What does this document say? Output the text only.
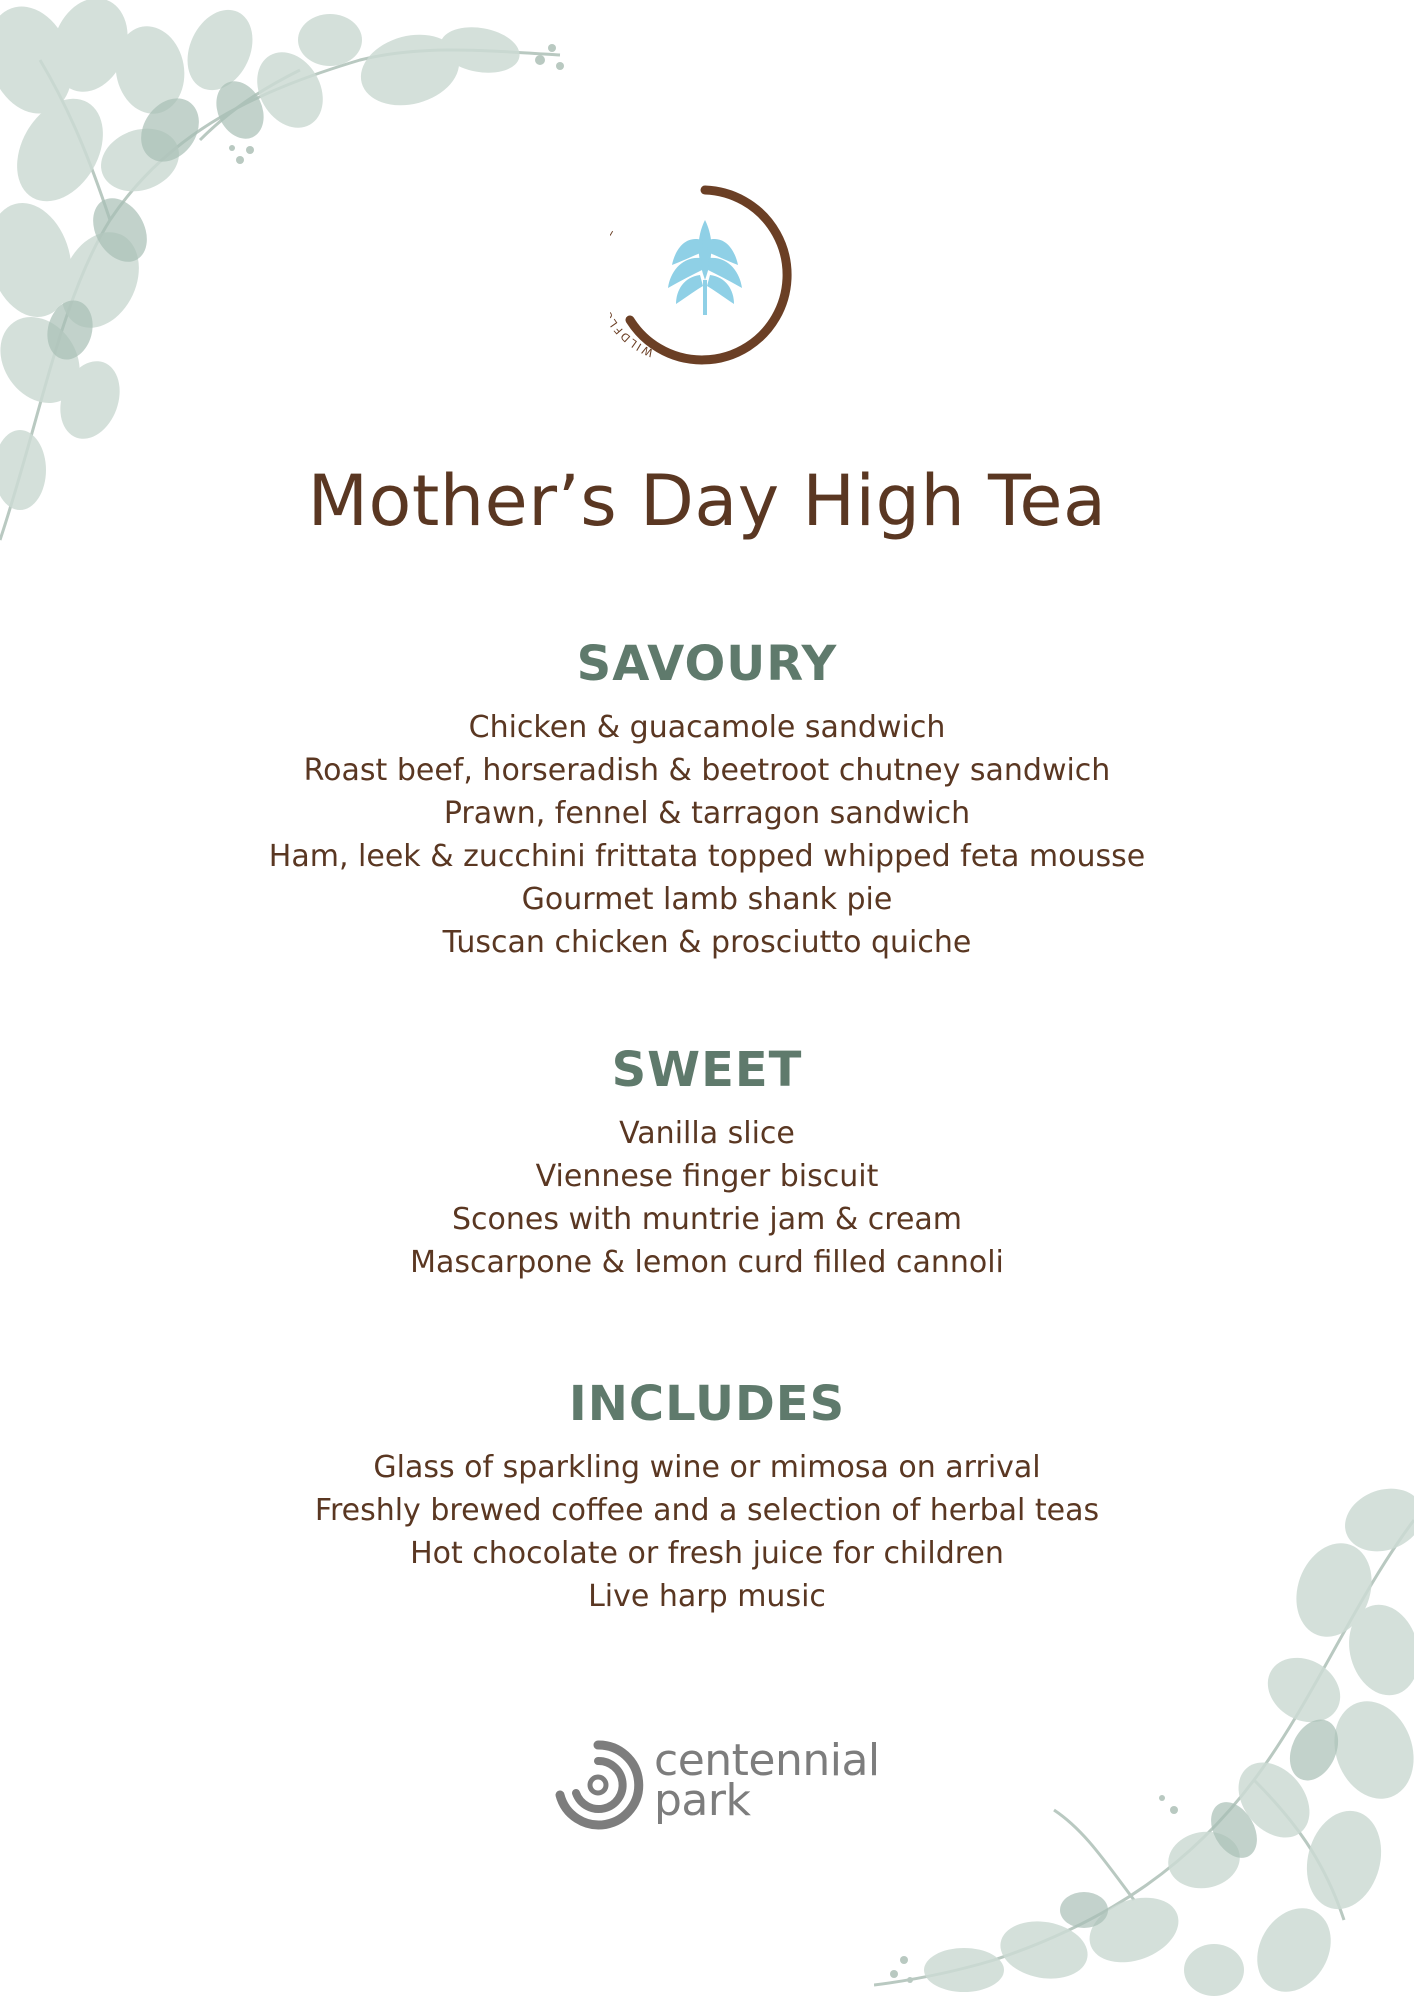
WILDF
Mother’s Day High Tea
SAVOURY
Chicken & guacamole sandwich
Roast beef, horseradish & beetroot chutney sandwich
Prawn, fennel & tarragon sandwich
Ham, leek & zucchini frittata topped whipped feta mousse
Gourmet lamb shank pie
Tuscan chicken & prosciutto quiche
SWEET
Vanilla slice
Viennese finger biscuit
Scones with muntrie jam & cream
Mascarpone & lemon curd filled cannoli
INCLUDES
Glass of sparkling wine or mimosa on arrival
Freshly brewed coffee and a selection of herbal teas
Hot chocolate or fresh juice for children
Live harp music
centennial
park
